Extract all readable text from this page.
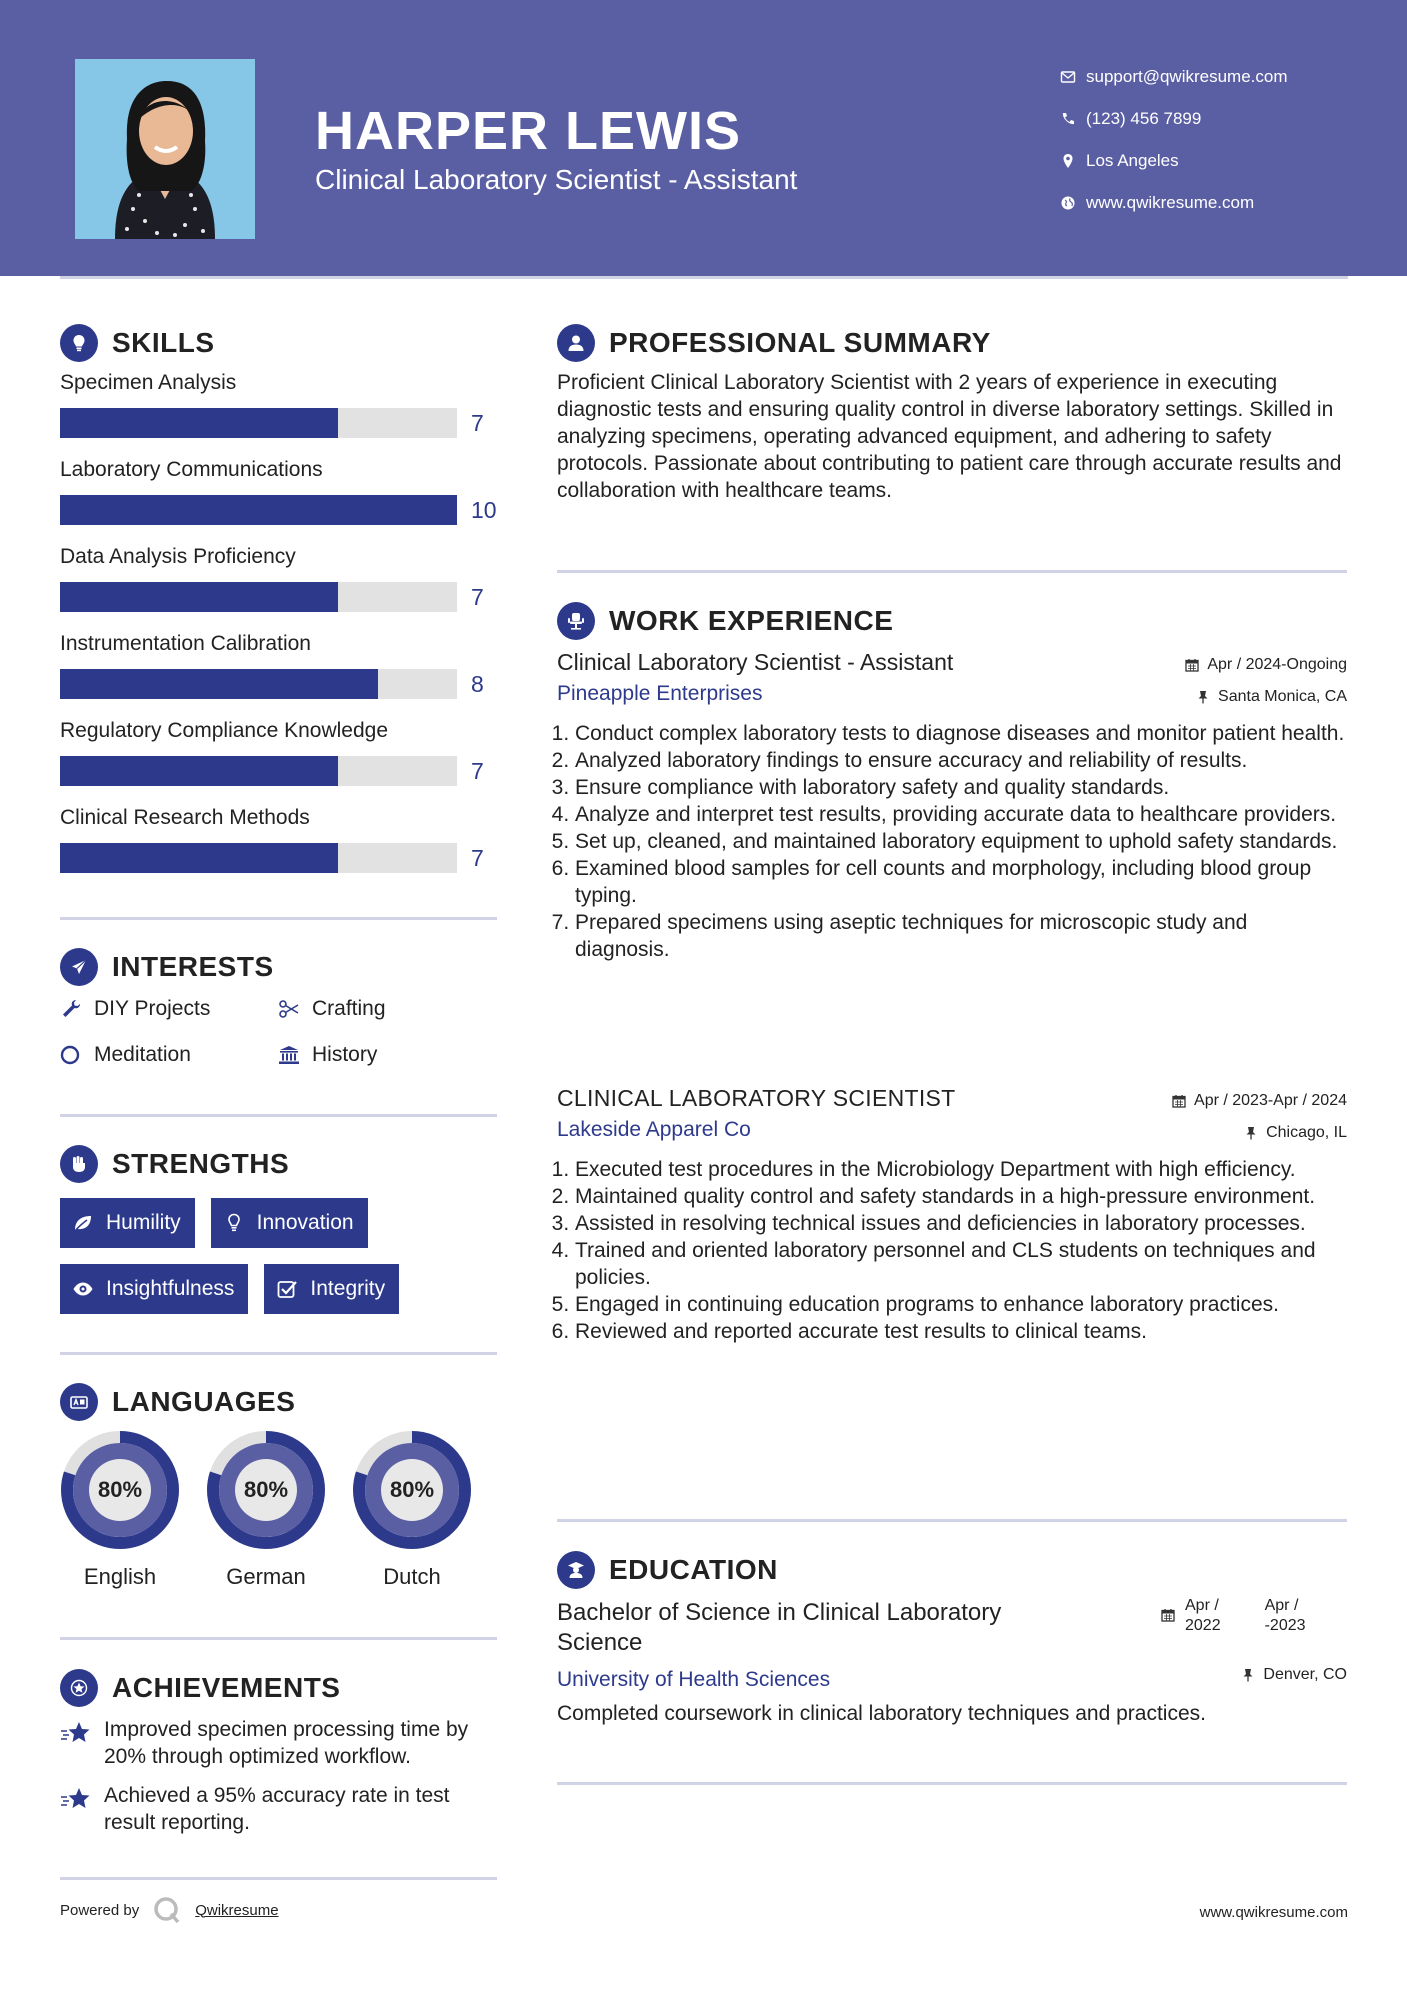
HARPER LEWIS
Clinical Laboratory Scientist - Assistant
support@qwikresume.com
(123) 456 7899
Los Angeles
www.qwikresume.com
SKILLS
Specimen Analysis
7
Laboratory Communications
10
Data Analysis Proficiency
7
Instrumentation Calibration
8
Regulatory Compliance Knowledge
7
Clinical Research Methods
7
INTERESTS
DIY Projects	Crafting
Meditation	History
STRENGTHS
Humility	Innovation
Insightfulness	Integrity
LANGUAGES
80%
English
80%
German
80%
Dutch
ACHIEVEMENTS
Improved specimen processing time by 20% through optimized workflow.
Achieved a 95% accuracy rate in test result reporting.
Powered by	Qwikresume	www.qwikresume.com
PROFESSIONAL SUMMARY
Proficient Clinical Laboratory Scientist with 2 years of experience in executing diagnostic tests and ensuring quality control in diverse laboratory settings. Skilled in analyzing specimens, operating advanced equipment, and adhering to safety protocols. Passionate about contributing to patient care through accurate results and collaboration with healthcare teams.
WORK EXPERIENCE
Clinical Laboratory Scientist - Assistant
Pineapple Enterprises
Apr / 2024-Ongoing
Santa Monica, CA
1. Conduct complex laboratory tests to diagnose diseases and monitor patient health.
2. Analyzed laboratory findings to ensure accuracy and reliability of results.
3. Ensure compliance with laboratory safety and quality standards.
4. Analyze and interpret test results, providing accurate data to healthcare providers.
5. Set up, cleaned, and maintained laboratory equipment to uphold safety standards.
6. Examined blood samples for cell counts and morphology, including blood group typing.
7. Prepared specimens using aseptic techniques for microscopic study and diagnosis.
CLINICAL LABORATORY SCIENTIST
Lakeside Apparel Co
Apr / 2023-Apr / 2024
Chicago, IL
1. Executed test procedures in the Microbiology Department with high efficiency.
2. Maintained quality control and safety standards in a high-pressure environment.
3. Assisted in resolving technical issues and deficiencies in laboratory processes.
4. Trained and oriented laboratory personnel and CLS students on techniques and policies.
5. Engaged in continuing education programs to enhance laboratory practices.
6. Reviewed and reported accurate test results to clinical teams.
EDUCATION
Bachelor of Science in Clinical Laboratory Science
University of Health Sciences
Completed coursework in clinical laboratory techniques and practices.
Apr /
2022
Apr /
-2023
Denver, CO
